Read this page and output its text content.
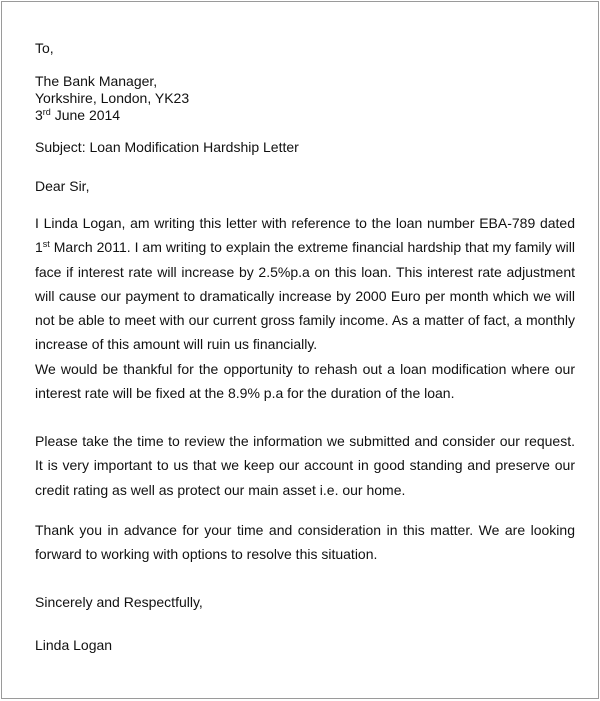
To,
The Bank Manager,
Yorkshire, London, YK23
3rd June 2014
Subject: Loan Modification Hardship Letter
Dear Sir,
I Linda Logan, am writing this letter with reference to the loan number EBA-789 dated
1st March 2011. I am writing to explain the extreme financial hardship that my family will
face if interest rate will increase by 2.5%p.a on this loan. This interest rate adjustment
will cause our payment to dramatically increase by 2000 Euro per month which we will
not be able to meet with our current gross family income. As a matter of fact, a monthly
increase of this amount will ruin us financially.
We would be thankful for the opportunity to rehash out a loan modification where our
interest rate will be fixed at the 8.9% p.a for the duration of the loan.
Please take the time to review the information we submitted and consider our request.
It is very important to us that we keep our account in good standing and preserve our
credit rating as well as protect our main asset i.e. our home.
Thank you in advance for your time and consideration in this matter. We are looking
forward to working with options to resolve this situation.
Sincerely and Respectfully,
Linda Logan
